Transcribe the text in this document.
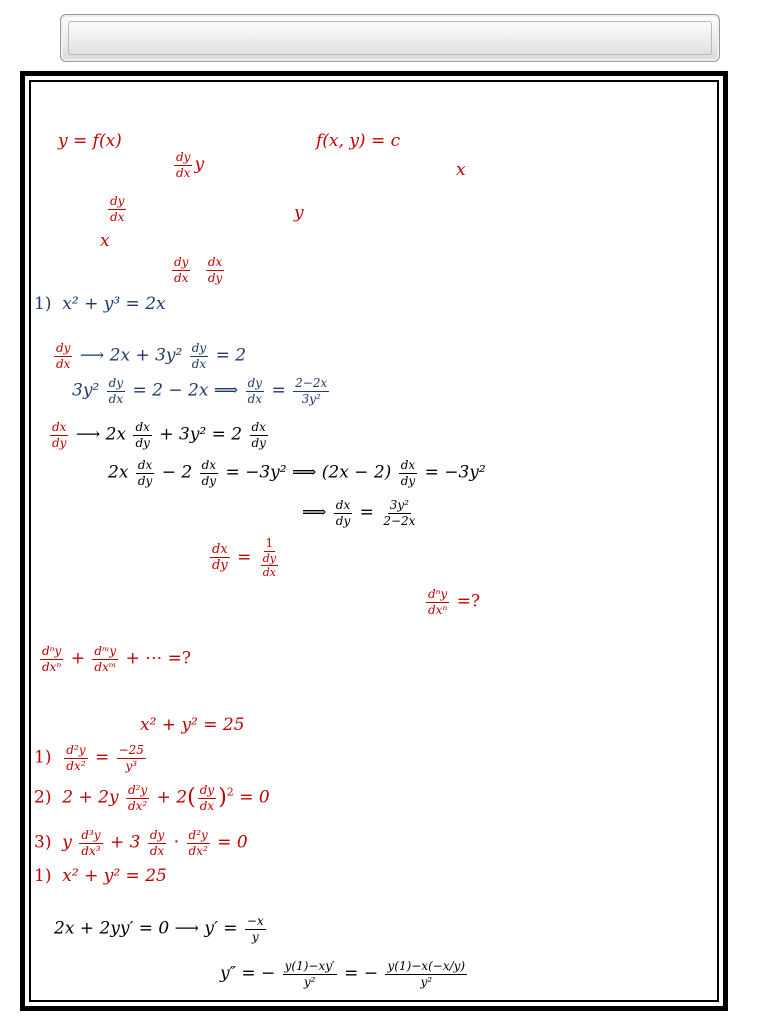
y = f(x)	f(x, y) = c
$\frac{dy}{dx}$ y	x
$\frac{dy}{dx}$	y
x
$\frac{dy}{dx}$
$\frac{dx}{dy}$
1) x² + y³ = 2x
$\frac{dy}{dx}$ ⟶ $2x + 3y^2 \frac{dy}{dx} = 2$
$3y^2 \frac{dy}{dx} = 2 - 2x$ ⟹ $\frac{dy}{dx} = \frac{2-2x}{\text{3y²}}$
$\frac{dx}{dy}$ ⟶ $2x \frac{dx}{dy} + 3y^2 = 2 \frac{dx}{dy}$
$2x \frac{dx}{dy} - 2 \frac{dx}{dy} = -3y^2$ ⟹ $(2x - 2) \frac{dx}{dy} = -3y^2$
⟹ $\frac{dx}{dy} = \frac{\text{3y²}}{2-2x}$
$\frac{dx}{dy}$ =
1
$\frac{dy}{dx}$
dⁿy
dxⁿ =?
dⁿy
dxⁿ + dᵐy
dxᵐ + ⋯ =?
x² + y² = 25
$1) \frac{\text{d²y}}{\text{dx²}} = \frac{-25}{\text{y³}}$
2) $2 + 2y \frac{\text{d²y}}{\text{dx²}} + 2( \frac{dy}{dx} )^2 = 0$
3) y $\frac{\text{d³y}}{\text{dx³}} + 3 \frac{dy}{dx} \cdot \frac{\text{d²y}}{\text{dx²}} = 0$
1) x² + y² = 25
2x + 2yy′ = 0 ⟶ $y' = \frac{-x}{y}$
y″ = − $\frac{y(1)-xy'}{\text{y²}}$ = − $\frac{y(1)-x(-x/y)}{\text{y²}}$
